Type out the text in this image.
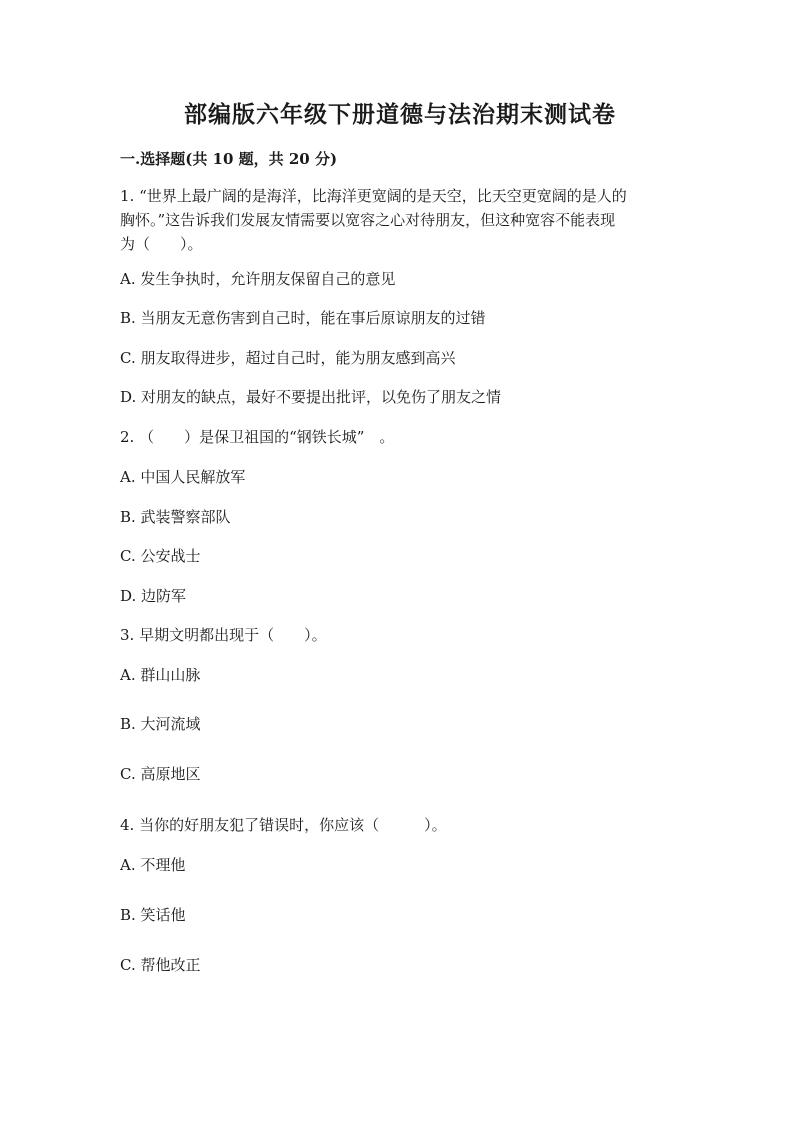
部编版六年级下册道德与法治期末测试卷
一.选择题(共 10 题，共 20 分)

1. “世界上最广阔的是海洋，比海洋更宽阔的是天空，比天空更宽阔的是人的

胸怀。”这告诉我们发展友情需要以宽容之心对待朋友，但这种宽容不能表现

为（　　）。

A. 发生争执时，允许朋友保留自己的意见

B. 当朋友无意伤害到自己时，能在事后原谅朋友的过错

C. 朋友取得进步，超过自己时，能为朋友感到高兴

D. 对朋友的缺点，最好不要提出批评，以免伤了朋友之情

2. （　　）是保卫祖国的“钢铁长城”　。

A. 中国人民解放军

B. 武装警察部队

C. 公安战士

D. 边防军

3. 早期文明都出现于（　　）。

A. 群山山脉

B. 大河流域

C. 高原地区

4. 当你的好朋友犯了错误时，你应该（　　　）。

A. 不理他

B. 笑话他

C. 帮他改正
